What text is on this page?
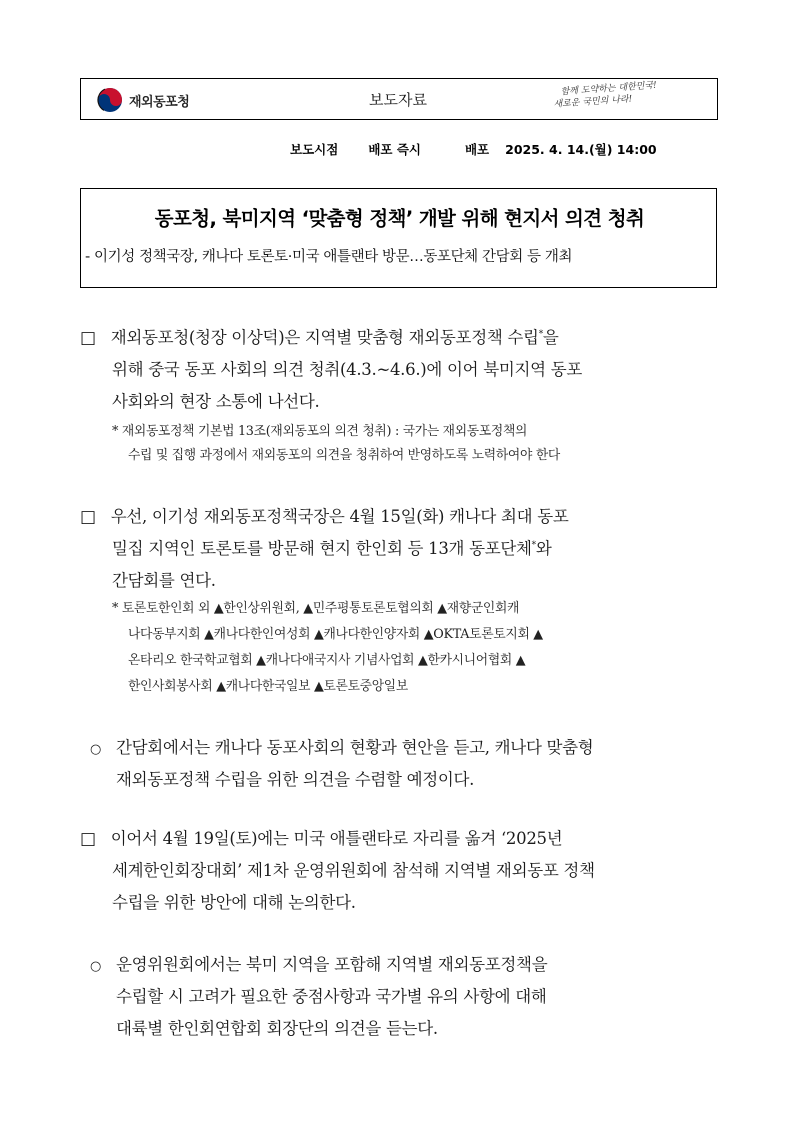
재외동포청	보도자료
함께 도약하는 대한민국!
새로운 국민의 나라!
보도시점 배포 즉시	배포 2025. 4. 14.(월) 14:00
동포청, 북미지역 ‘맞춤형 정책’ 개발 위해 현지서 의견 청취
- 이기성 정책국장, 캐나다 토론토·미국 애틀랜타 방문…동포단체 간담회 등 개최
□ 재외동포청(청장 이상덕)은 지역별 맞춤형 재외동포정책 수립*을
위해 중국 동포 사회의 의견 청취(4.3.~4.6.)에 이어 북미지역 동포
사회와의 현장 소통에 나선다.
* 재외동포정책 기본법 13조(재외동포의 의견 청취) : 국가는 재외동포정책의
수립 및 집행 과정에서 재외동포의 의견을 청취하여 반영하도록 노력하여야 한다
□ 우선, 이기성 재외동포정책국장은 4월 15일(화) 캐나다 최대 동포
밀집 지역인 토론토를 방문해 현지 한인회 등 13개 동포단체*와
간담회를 연다.
* 토론토한인회 외 ▲한인상위원회, ▲민주평통토론토협의회 ▲재향군인회캐
나다동부지회 ▲캐나다한인여성회 ▲캐나다한인양자회 ▲OKTA토론토지회 ▲
온타리오 한국학교협회 ▲캐나다애국지사 기념사업회 ▲한카시니어협회 ▲
한인사회봉사회 ▲캐나다한국일보 ▲토론토중앙일보
○ 간담회에서는 캐나다 동포사회의 현황과 현안을 듣고, 캐나다 맞춤형
재외동포정책 수립을 위한 의견을 수렴할 예정이다.
□ 이어서 4월 19일(토)에는 미국 애틀랜타로 자리를 옮겨 ‘2025년
세계한인회장대회’ 제1차 운영위원회에 참석해 지역별 재외동포 정책
수립을 위한 방안에 대해 논의한다.
○ 운영위원회에서는 북미 지역을 포함해 지역별 재외동포정책을
수립할 시 고려가 필요한 중점사항과 국가별 유의 사항에 대해
대륙별 한인회연합회 회장단의 의견을 듣는다.
